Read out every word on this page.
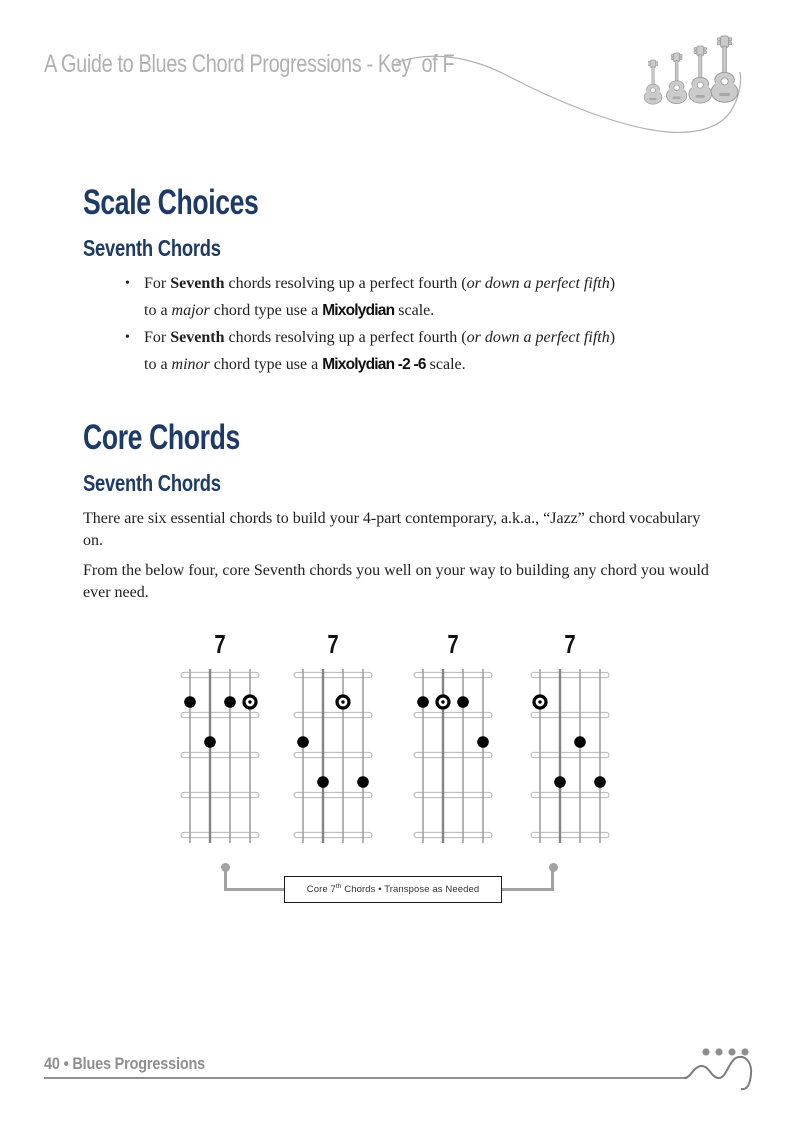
A Guide to Blues Chord Progressions - Key  of F
Scale Choices
Seventh Chords
• For Seventh chords resolving up a perfect fourth (or down a perfect fifth) to a major chord type use a Mixolydian scale.
• For Seventh chords resolving up a perfect fourth (or down a perfect fifth) to a minor chord type use a Mixolydian -2 -6 scale.
Core Chords
Seventh Chords

There are six essential chords to build your 4-part contemporary, a.k.a., “Jazz” chord vocabulary on.

From the below four, core Seventh chords you well on your way to building any chord you would ever need.

7	7	7	7
Core 7th Chords • Transpose as Needed
40 • Blues Progressions
